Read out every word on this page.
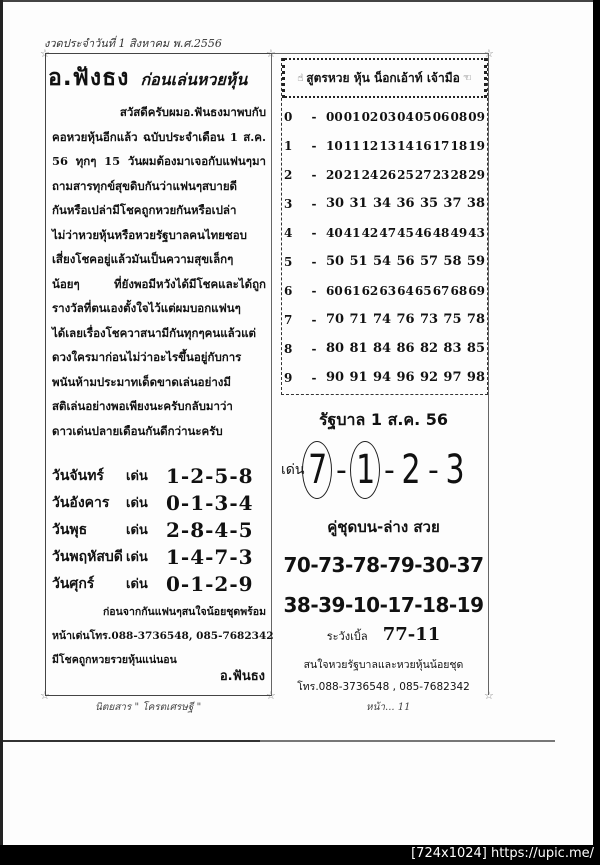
งวดประจำวันที่ 1 สิงหาคม พ.ศ.2556
☆	☆	☆
☆	☆	☆
อ.ฟังธง ก่อนเล่นหวยหุ้น
สวัสดีครับผมอ.ฟันธงมาพบกับ
คอหวยหุ้นอีกแล้ว ฉบับประจำเดือน 1 ส.ค.
56 ทุกๆ 15 วันผมต้องมาเจอกับแฟนๆมา
ถามสารทุกข์สุขดิบกันว่าแฟนๆสบายดี
กันหรือเปล่ามีโชคถูกหวยกันหรือเปล่า
ไม่ว่าหวยหุ้นหรือหวยรัฐบาลคนไทยชอบ
เสี่ยงโชคอยู่แล้วมันเป็นความสุขเล็กๆ
น้อยๆ ที่ยังพอมีหวังได้มีโชคและได้ถูก
รางวัลที่ตนเองตั้งใจไว้แต่ผมบอกแฟนๆ
ได้เลยเรื่องโชควาสนามีกันทุกๆคนแล้วแต่
ดวงใครมาก่อนไม่ว่าอะไรขึ้นอยู่กับการ
พนันห้ามประมาทเด็ดขาดเล่นอย่างมี
สติเล่นอย่างพอเพียงนะครับกลับมาว่า
ดาวเด่นปลายเดือนกันดีกว่านะครับ
วันจันทร์	เด่น 1-2-5-8
วันอังคาร	เด่น 0-1-3-4
วันพุธ	เด่น 2-8-4-5
วันพฤหัสบดี เด่น 1-4-7-3
วันศุกร์	เด่น 0-1-2-9
ก่อนจากกันแฟนๆสนใจน้อยชุดพร้อม
หน้าเด่นโทร.088-3736548, 085-7682342
มีโชคถูกหวยรวยหุ้นแน่นอน
อ.ฟันธง
☝ สูตรหวย หุ้น น็อกเอ้าท์ เจ้ามือ ☜
0	- 00 01 02 03 04 05 06 08 09
1	- 10 11 12 13 14 16 17 18 19
2	- 20 21 24 26 25 27 23 28 29
3	- 30 31 34 36 35 37 38
4	- 40 41 42 47 45 46 48 49 43
5	- 50 51 54 56 57 58 59
6	- 60 61 62 63 64 65 67 68 69
7	- 70 71 74 76 73 75 78
8	- 80 81 84 86 82 83 85
9	- 90 91 94 96 92 97 98
รัฐบาล 1 ส.ค. 56
เด่น 7 - 1 - 2 - 3
คู่ชุดบน-ล่าง สวย
70-73-78-79-30-37
38-39-10-17-18-19
ระวังเบิ้ล 77-11
สนใจหวยรัฐบาลและหวยหุ้นน้อยชุด
โทร.088-3736548 , 085-7682342
นิตยสาร " โครตเศรษฐี "	หน้า... 11
[724x1024] https://upic.me/
